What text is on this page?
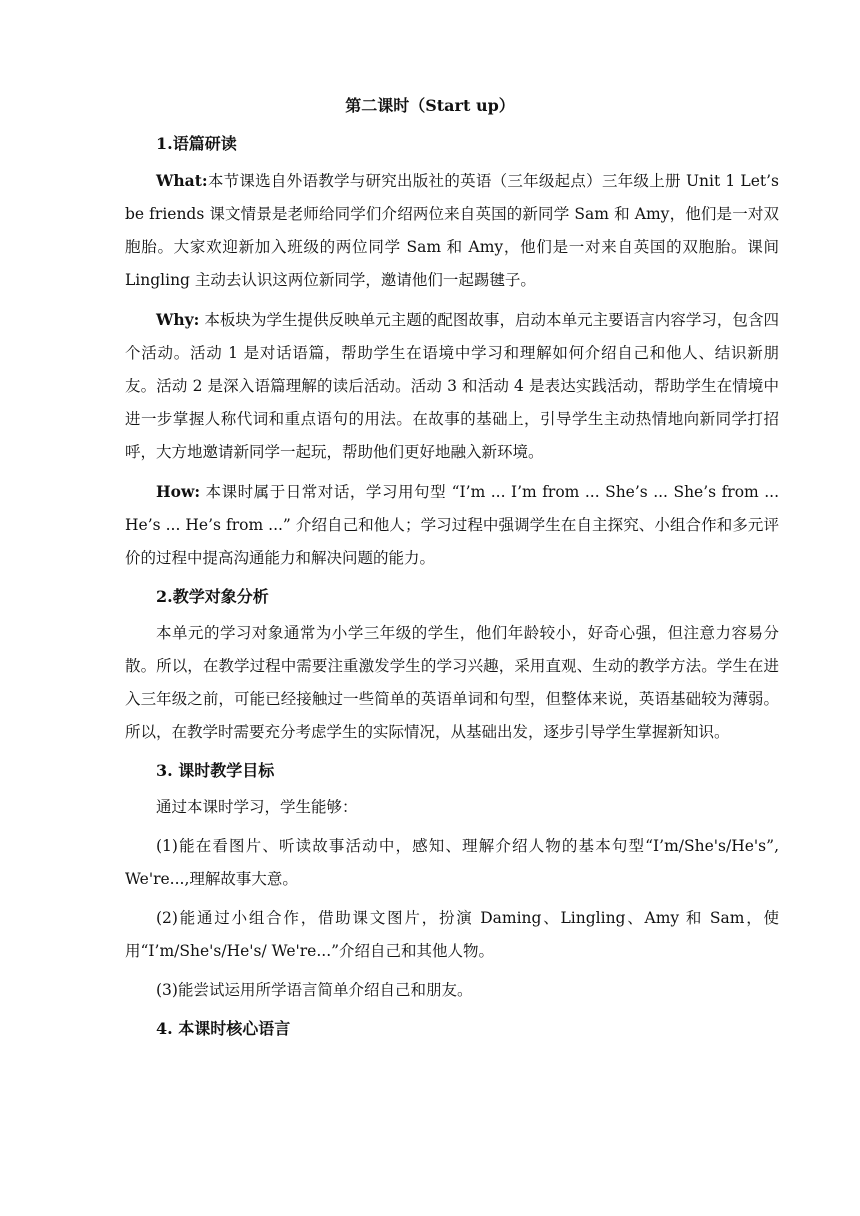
第二课时（Start up）
1.语篇研读

What:本节课选自外语教学与研究出版社的英语（三年级起点）三年级上册 Unit 1 Let’s be friends 课文情景是老师给同学们介绍两位来自英国的新同学 Sam 和 Amy，他们是一对双胞胎。大家欢迎新加入班级的两位同学 Sam 和 Amy，他们是一对来自英国的双胞胎。课间 Lingling 主动去认识这两位新同学，邀请他们一起踢毽子。

Why: 本板块为学生提供反映单元主题的配图故事，启动本单元主要语言内容学习，包含四个活动。活动 1 是对话语篇，帮助学生在语境中学习和理解如何介绍自己和他人、结识新朋友。活动 2 是深入语篇理解的读后活动。活动 3 和活动 4 是表达实践活动，帮助学生在情境中进一步掌握人称代词和重点语句的用法。在故事的基础上，引导学生主动热情地向新同学打招呼，大方地邀请新同学一起玩，帮助他们更好地融入新环境。

How: 本课时属于日常对话，学习用句型 “I’m ... I’m from ... She’s ... She’s from ... He’s ... He’s from ...” 介绍自己和他人；学习过程中强调学生在自主探究、小组合作和多元评价的过程中提高沟通能力和解决问题的能力。

2.教学对象分析

本单元的学习对象通常为小学三年级的学生，他们年龄较小，好奇心强，但注意力容易分散。所以，在教学过程中需要注重激发学生的学习兴趣，采用直观、生动的教学方法。学生在进入三年级之前，可能已经接触过一些简单的英语单词和句型，但整体来说，英语基础较为薄弱。所以，在教学时需要充分考虑学生的实际情况，从基础出发，逐步引导学生掌握新知识。

3. 课时教学目标

通过本课时学习，学生能够：

(1)能在看图片、听读故事活动中，感知、理解介绍人物的基本句型“I’m/She's/He's”, We're...,理解故事大意。

(2)能通过小组合作，借助课文图片，扮演 Daming、Lingling、Amy 和 Sam，使用“I’m/She's/He's/ We're...”介绍自己和其他人物。

(3)能尝试运用所学语言简单介绍自己和朋友。

4. 本课时核心语言
